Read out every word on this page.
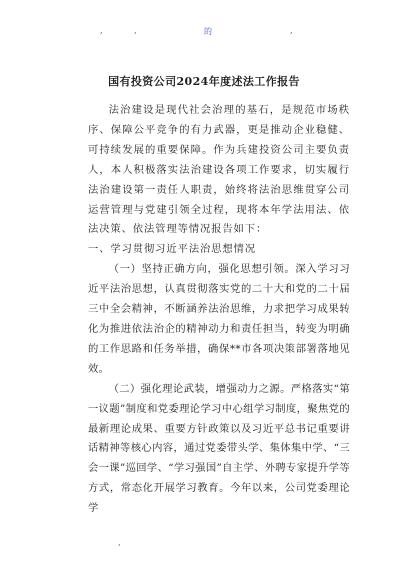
,	,	的	,
国有投资公司2024年度述法工作报告

法治建设是现代社会治理的基石，是规范市场秩序、保障公平竞争的有力武器，更是推动企业稳健、可持续发展的重要保障。作为兵建投资公司主要负责人，本人积极落实法治建设各项工作要求，切实履行法治建设第一责任人职责，始终将法治思维贯穿公司运营管理与党建引领全过程，现将本年学法用法、依法决策、依法管理等情况报告如下：

一、学习贯彻习近平法治思想情况

（一）坚持正确方向，强化思想引领。深入学习习近平法治思想，认真贯彻落实党的二十大和党的二十届三中全会精神，不断涵养法治思维，力求把学习成果转化为推进依法治企的精神动力和责任担当，转变为明确的工作思路和任务举措，确保**市各项决策部署落地见效。

（二）强化理论武装，增强动力之源。严格落实“第一议题”制度和党委理论学习中心组学习制度，聚焦党的最新理论成果、重要方针政策以及习近平总书记重要讲话精神等核心内容，通过党委带头学、集体集中学、“三会一课”巡回学、“学习强国”自主学、外聘专家提升学等方式，常态化开展学习教育。今年以来，公司党委理论学

,
